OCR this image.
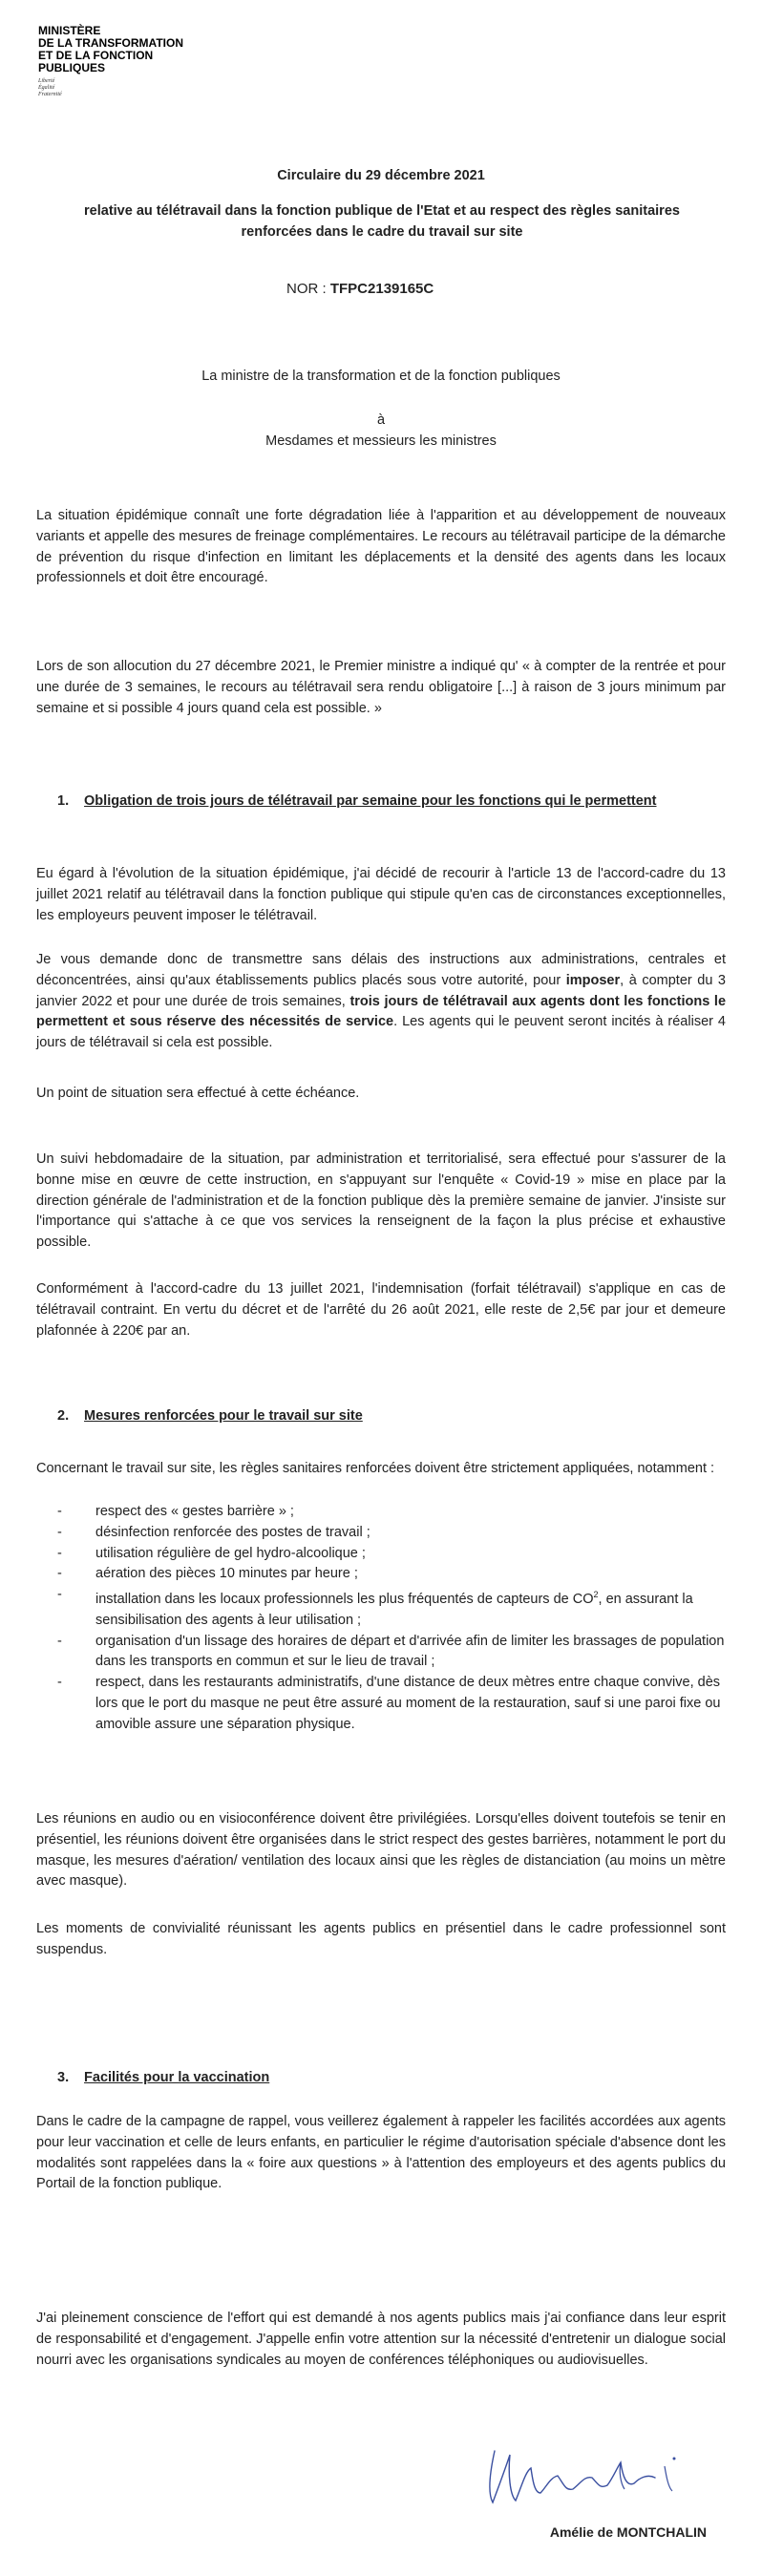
MINISTÈRE
DE LA TRANSFORMATION
ET DE LA FONCTION
PUBLIQUES
Liberté
Égalité
Fraternité
Circulaire du 29 décembre 2021
relative au télétravail dans la fonction publique de l'Etat et au respect des règles sanitaires renforcées dans le cadre du travail sur site
NOR : TFPC2139165C
La ministre de la transformation et de la fonction publiques
à
Mesdames et messieurs les ministres
La situation épidémique connaît une forte dégradation liée à l'apparition et au développement de nouveaux variants et appelle des mesures de freinage complémentaires. Le recours au télétravail participe de la démarche de prévention du risque d'infection en limitant les déplacements et la densité des agents dans les locaux professionnels et doit être encouragé.
Lors de son allocution du 27 décembre 2021, le Premier ministre a indiqué qu' « à compter de la rentrée et pour une durée de 3 semaines, le recours au télétravail sera rendu obligatoire [...] à raison de 3 jours minimum par semaine et si possible 4 jours quand cela est possible. »
1. Obligation de trois jours de télétravail par semaine pour les fonctions qui le permettent
Eu égard à l'évolution de la situation épidémique, j'ai décidé de recourir à l'article 13 de l'accord-cadre du 13 juillet 2021 relatif au télétravail dans la fonction publique qui stipule qu'en cas de circonstances exceptionnelles, les employeurs peuvent imposer le télétravail.
Je vous demande donc de transmettre sans délais des instructions aux administrations, centrales et déconcentrées, ainsi qu'aux établissements publics placés sous votre autorité, pour imposer, à compter du 3 janvier 2022 et pour une durée de trois semaines, trois jours de télétravail aux agents dont les fonctions le permettent et sous réserve des nécessités de service. Les agents qui le peuvent seront incités à réaliser 4 jours de télétravail si cela est possible.
Un point de situation sera effectué à cette échéance.
Un suivi hebdomadaire de la situation, par administration et territorialisé, sera effectué pour s'assurer de la bonne mise en œuvre de cette instruction, en s'appuyant sur l'enquête « Covid-19 » mise en place par la direction générale de l'administration et de la fonction publique dès la première semaine de janvier. J'insiste sur l'importance qui s'attache à ce que vos services la renseignent de la façon la plus précise et exhaustive possible.
Conformément à l'accord-cadre du 13 juillet 2021, l'indemnisation (forfait télétravail) s'applique en cas de télétravail contraint. En vertu du décret et de l'arrêté du 26 août 2021, elle reste de 2,5€ par jour et demeure plafonnée à 220€ par an.
2. Mesures renforcées pour le travail sur site
Concernant le travail sur site, les règles sanitaires renforcées doivent être strictement appliquées, notamment :
- respect des « gestes barrière » ;
- désinfection renforcée des postes de travail ;
- utilisation régulière de gel hydro-alcoolique ;
- aération des pièces 10 minutes par heure ;
- installation dans les locaux professionnels les plus fréquentés de capteurs de $CO^2$, en assurant la sensibilisation des agents à leur utilisation ;
- organisation d'un lissage des horaires de départ et d'arrivée afin de limiter les brassages de population dans les transports en commun et sur le lieu de travail ;
- respect, dans les restaurants administratifs, d'une distance de deux mètres entre chaque convive, dès lors que le port du masque ne peut être assuré au moment de la restauration, sauf si une paroi fixe ou amovible assure une séparation physique.
Les réunions en audio ou en visioconférence doivent être privilégiées. Lorsqu'elles doivent toutefois se tenir en présentiel, les réunions doivent être organisées dans le strict respect des gestes barrières, notamment le port du masque, les mesures d'aération/ ventilation des locaux ainsi que les règles de distanciation (au moins un mètre avec masque).
Les moments de convivialité réunissant les agents publics en présentiel dans le cadre professionnel sont suspendus.
3. Facilités pour la vaccination
Dans le cadre de la campagne de rappel, vous veillerez également à rappeler les facilités accordées aux agents pour leur vaccination et celle de leurs enfants, en particulier le régime d'autorisation spéciale d'absence dont les modalités sont rappelées dans la « foire aux questions » à l'attention des employeurs et des agents publics du Portail de la fonction publique.
J'ai pleinement conscience de l'effort qui est demandé à nos agents publics mais j'ai confiance dans leur esprit de responsabilité et d'engagement. J'appelle enfin votre attention sur la nécessité d'entretenir un dialogue social nourri avec les organisations syndicales au moyen de conférences téléphoniques ou audiovisuelles.
Amélie de MONTCHALIN
